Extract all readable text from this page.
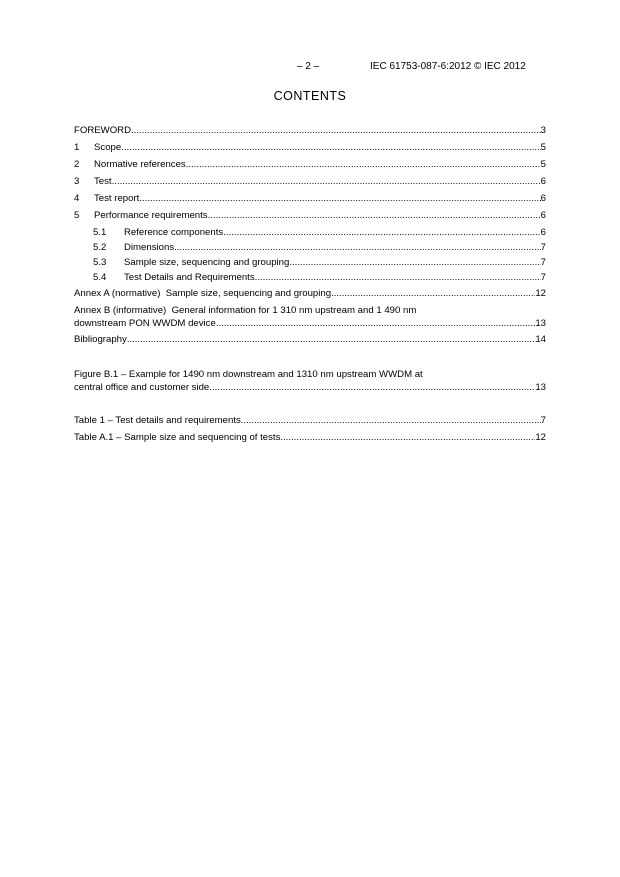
– 2 –	IEC 61753-087-6:2012 © IEC 2012
CONTENTS
FOREWORD .....	3
1	Scope .....	5
2	Normative references .....	5
3	Test .....	6
4	Test report .....	6
5	Performance requirements .....	6
5.1	Reference components .....	6
5.2	Dimensions .....	7
5.3	Sample size, sequencing and grouping .....	7
5.4	Test Details and Requirements .....	7
Annex A (normative)  Sample size, sequencing and grouping .....	12
Annex B (informative)  General information for 1 310 nm upstream and 1 490 nm
downstream PON WWDM device .....	13
Bibliography .....	14
Figure B.1 – Example for 1490 nm downstream and 1310 nm upstream WWDM at
central office and customer side .....	13
Table 1 – Test details and requirements .....	7
Table A.1 – Sample size and sequencing of tests .....	12
